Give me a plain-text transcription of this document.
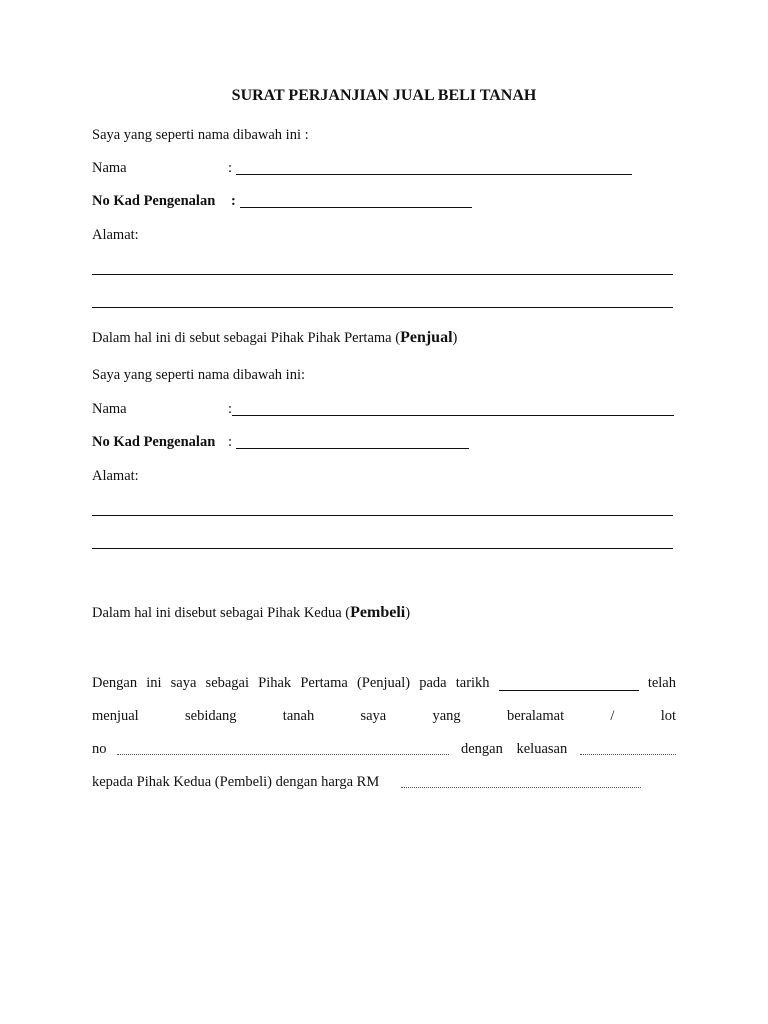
SURAT PERJANJIAN JUAL BELI TANAH
Saya yang seperti nama dibawah ini :
Nama	:
No Kad Pengenalan :
Alamat:
Dalam hal ini di sebut sebagai Pihak Pihak Pertama (Penjual)
Saya yang seperti nama dibawah ini:
Nama	:
No Kad Pengenalan :
Alamat:
Dalam hal ini disebut sebagai Pihak Kedua (Pembeli)
Dengan ini saya sebagai Pihak Pertama (Penjual) pada tarikh	telah
menjual	sebidang	tanah	saya	yang	beralamat	/	lot
no	dengan keluasan
kepada Pihak Kedua (Pembeli) dengan harga RM
